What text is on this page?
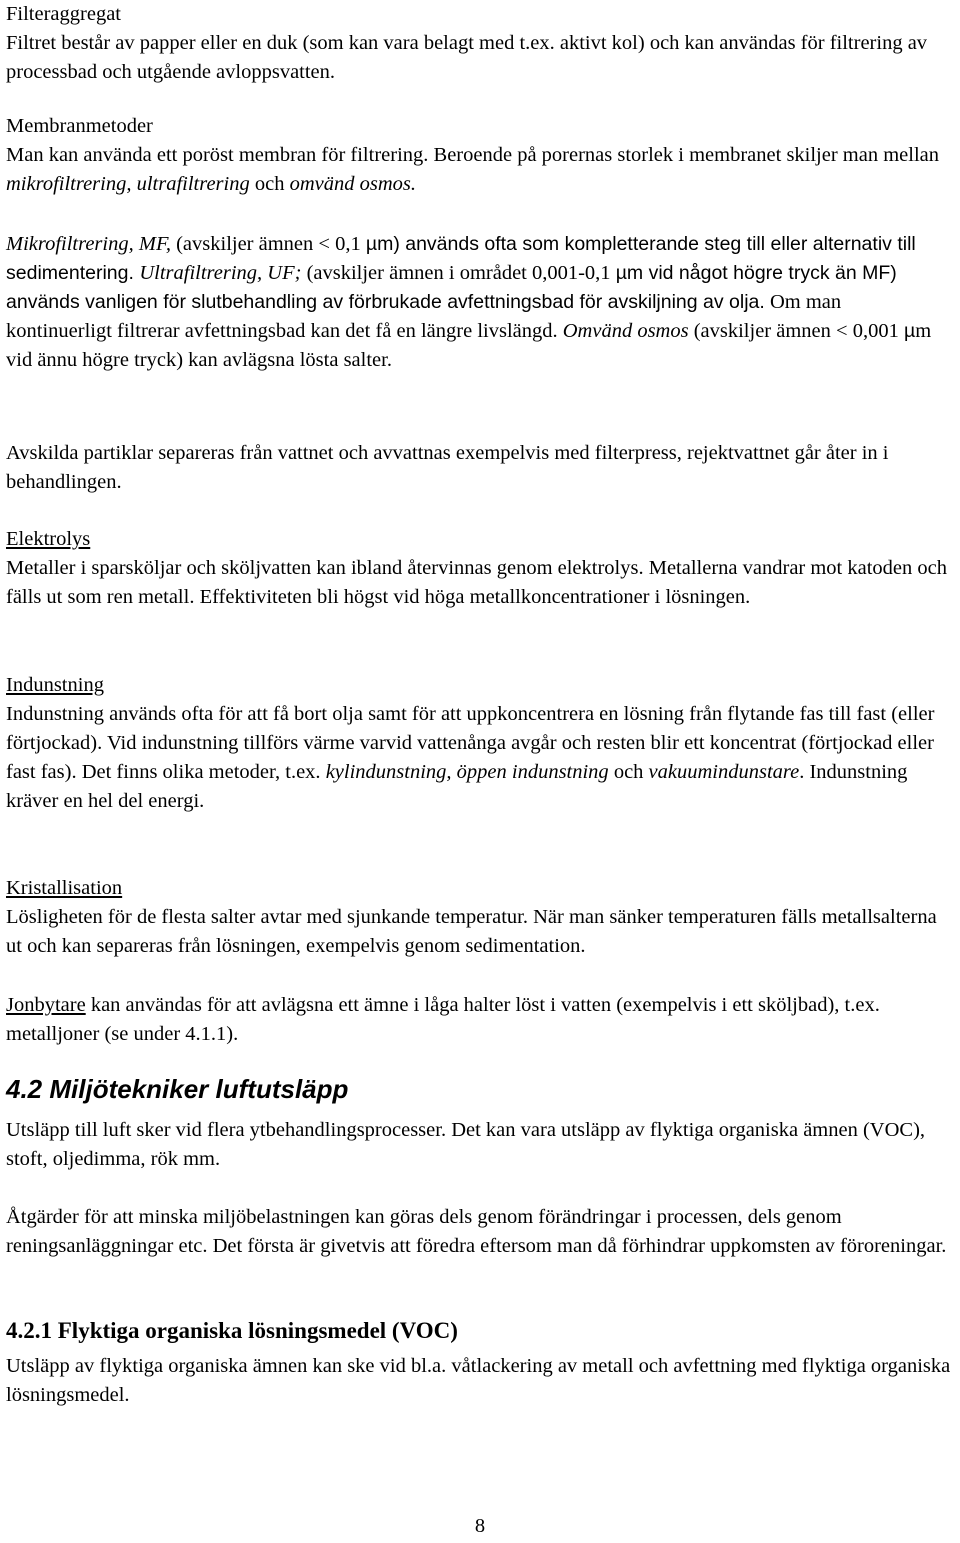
Filteraggregat
Filtret består av papper eller en duk (som kan vara belagt med t.ex. aktivt kol) och kan användas för filtrering av processbad och utgående avloppsvatten.
Membranmetoder
Man kan använda ett poröst membran för filtrering. Beroende på porernas storlek i membranet skiljer man mellan mikrofiltrering, ultrafiltrering och omvänd osmos.
Mikrofiltrering, MF, (avskiljer ämnen < 0,1 µm) används ofta som kompletterande steg till eller alternativ till sedimentering. Ultrafiltrering, UF; (avskiljer ämnen i området 0,001-0,1 µm vid något högre tryck än MF) används vanligen för slutbehandling av förbrukade avfettningsbad för avskiljning av olja. Om man kontinuerligt filtrerar avfettningsbad kan det få en längre livslängd. Omvänd osmos (avskiljer ämnen < 0,001 µm vid ännu högre tryck) kan avlägsna lösta salter.
Avskilda partiklar separeras från vattnet och avvattnas exempelvis med filterpress, rejektvattnet går åter in i behandlingen.
Elektrolys
Metaller i sparsköljar och sköljvatten kan ibland återvinnas genom elektrolys. Metallerna vandrar mot katoden och fälls ut som ren metall. Effektiviteten bli högst vid höga metallkoncentrationer i lösningen.
Indunstning
Indunstning används ofta för att få bort olja samt för att uppkoncentrera en lösning från flytande fas till fast (eller förtjockad). Vid indunstning tillförs värme varvid vattenånga avgår och resten blir ett koncentrat (förtjockad eller fast fas). Det finns olika metoder, t.ex. kylindunstning, öppen indunstning och vakuumindunstare. Indunstning kräver en hel del energi.
Kristallisation
Lösligheten för de flesta salter avtar med sjunkande temperatur. När man sänker temperaturen fälls metallsalterna ut och kan separeras från lösningen, exempelvis genom sedimentation.
Jonbytare kan användas för att avlägsna ett ämne i låga halter löst i vatten (exempelvis i ett sköljbad), t.ex. metalljoner (se under 4.1.1).
4.2 Miljötekniker luftutsläpp
Utsläpp till luft sker vid flera ytbehandlingsprocesser. Det kan vara utsläpp av flyktiga organiska ämnen (VOC), stoft, oljedimma, rök mm.
Åtgärder för att minska miljöbelastningen kan göras dels genom förändringar i processen, dels genom reningsanläggningar etc. Det första är givetvis att föredra eftersom man då förhindrar uppkomsten av föroreningar.
4.2.1 Flyktiga organiska lösningsmedel (VOC)
Utsläpp av flyktiga organiska ämnen kan ske vid bl.a. våtlackering av metall och avfettning med flyktiga organiska lösningsmedel.
8
